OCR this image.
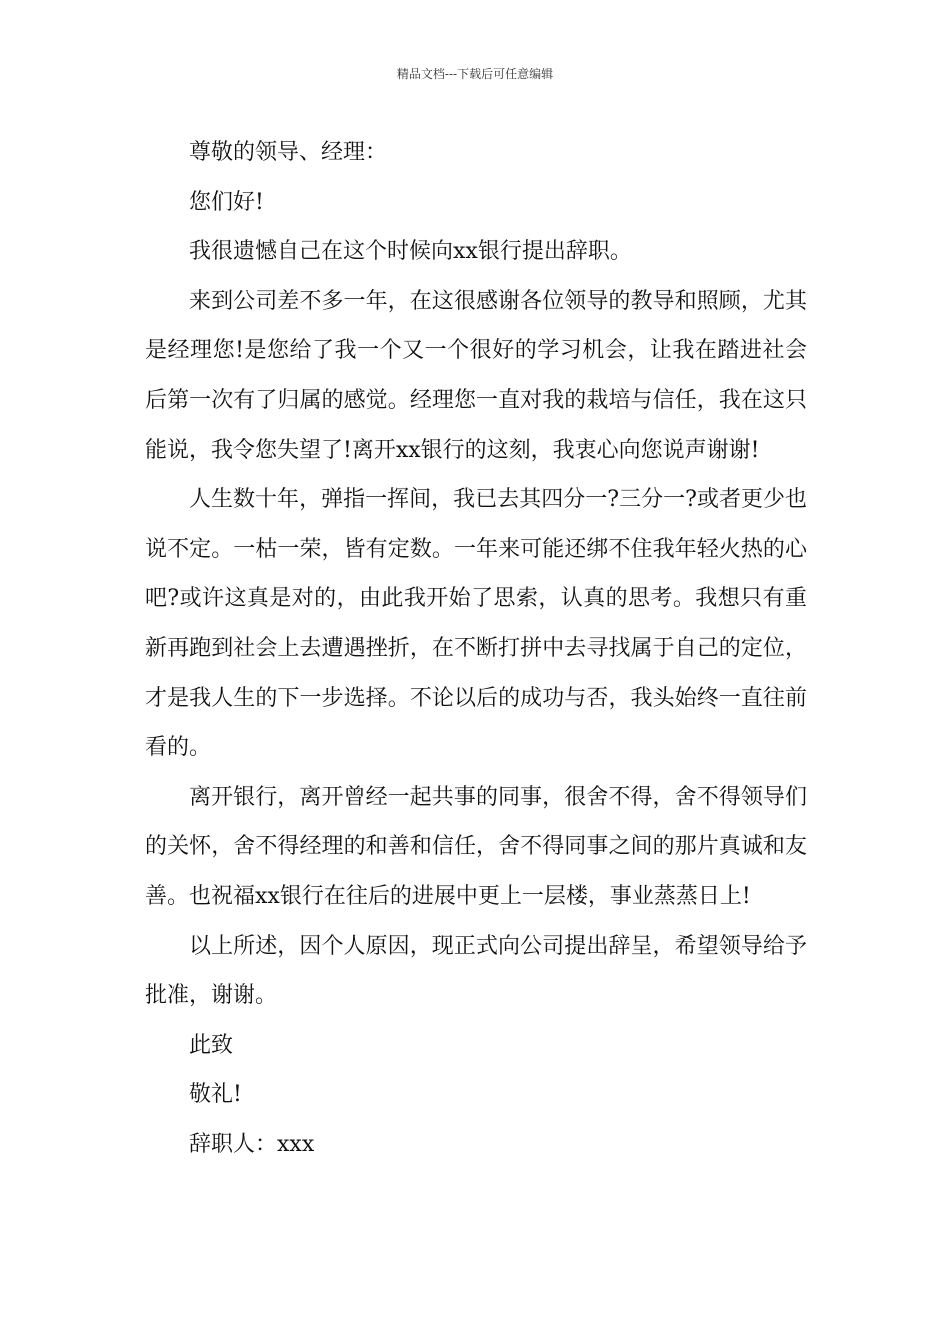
精品文档---下载后可任意编辑

尊敬的领导、经理：

您们好!

我很遗憾自己在这个时候向xx银行提出辞职。

来到公司差不多一年，在这很感谢各位领导的教导和照顾，尤其是经理您!是您给了我一个又一个很好的学习机会，让我在踏进社会后第一次有了归属的感觉。经理您一直对我的栽培与信任，我在这只能说，我令您失望了!离开xx银行的这刻，我衷心向您说声谢谢!

人生数十年，弹指一挥间，我已去其四分一?三分一?或者更少也说不定。一枯一荣，皆有定数。一年来可能还绑不住我年轻火热的心吧?或许这真是对的，由此我开始了思索，认真的思考。我想只有重新再跑到社会上去遭遇挫折，在不断打拼中去寻找属于自己的定位，才是我人生的下一步选择。不论以后的成功与否，我头始终一直往前看的。

离开银行，离开曾经一起共事的同事，很舍不得，舍不得领导们的关怀，舍不得经理的和善和信任，舍不得同事之间的那片真诚和友善。也祝福xx银行在往后的进展中更上一层楼，事业蒸蒸日上!

以上所述，因个人原因，现正式向公司提出辞呈，希望领导给予批准，谢谢。

此致

敬礼!

辞职人：xxx
